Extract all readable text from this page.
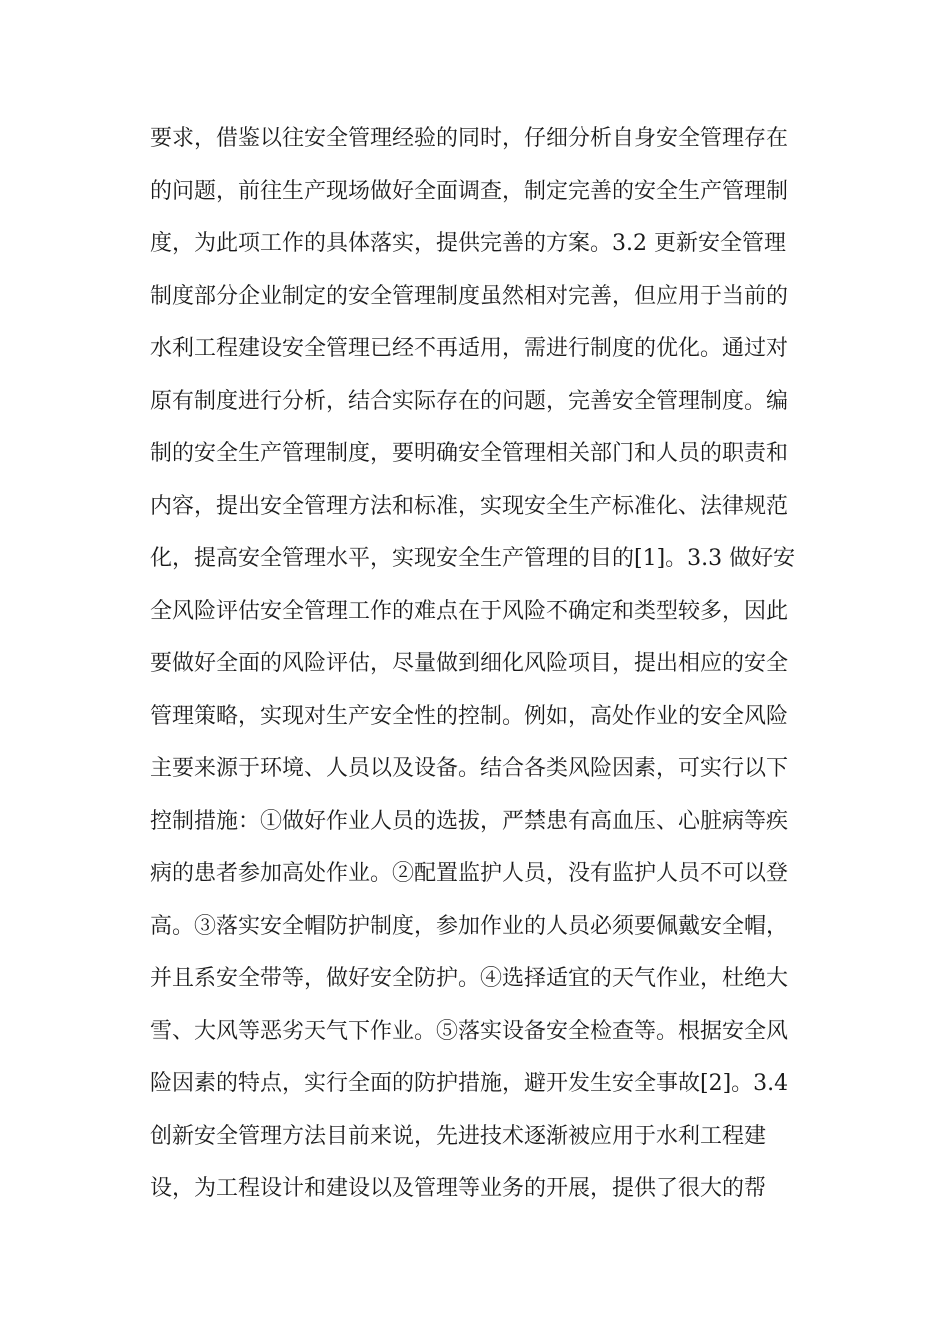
要求，借鉴以往安全管理经验的同时，仔细分析自身安全管理存在
的问题，前往生产现场做好全面调查，制定完善的安全生产管理制
度，为此项工作的具体落实，提供完善的方案。3.2 更新安全管理
制度部分企业制定的安全管理制度虽然相对完善，但应用于当前的
水利工程建设安全管理已经不再适用，需进行制度的优化。通过对
原有制度进行分析，结合实际存在的问题，完善安全管理制度。编
制的安全生产管理制度，要明确安全管理相关部门和人员的职责和
内容，提出安全管理方法和标准，实现安全生产标准化、法律规范
化，提高安全管理水平，实现安全生产管理的目的[1]。3.3 做好安
全风险评估安全管理工作的难点在于风险不确定和类型较多，因此
要做好全面的风险评估，尽量做到细化风险项目，提出相应的安全
管理策略，实现对生产安全性的控制。例如，高处作业的安全风险
主要来源于环境、人员以及设备。结合各类风险因素，可实行以下
控制措施：①做好作业人员的选拔，严禁患有高血压、心脏病等疾
病的患者参加高处作业。②配置监护人员，没有监护人员不可以登
高。③落实安全帽防护制度，参加作业的人员必须要佩戴安全帽，
并且系安全带等，做好安全防护。④选择适宜的天气作业，杜绝大
雪、大风等恶劣天气下作业。⑤落实设备安全检查等。根据安全风
险因素的特点，实行全面的防护措施，避开发生安全事故[2]。3.4
创新安全管理方法目前来说，先进技术逐渐被应用于水利工程建
设，为工程设计和建设以及管理等业务的开展，提供了很大的帮
